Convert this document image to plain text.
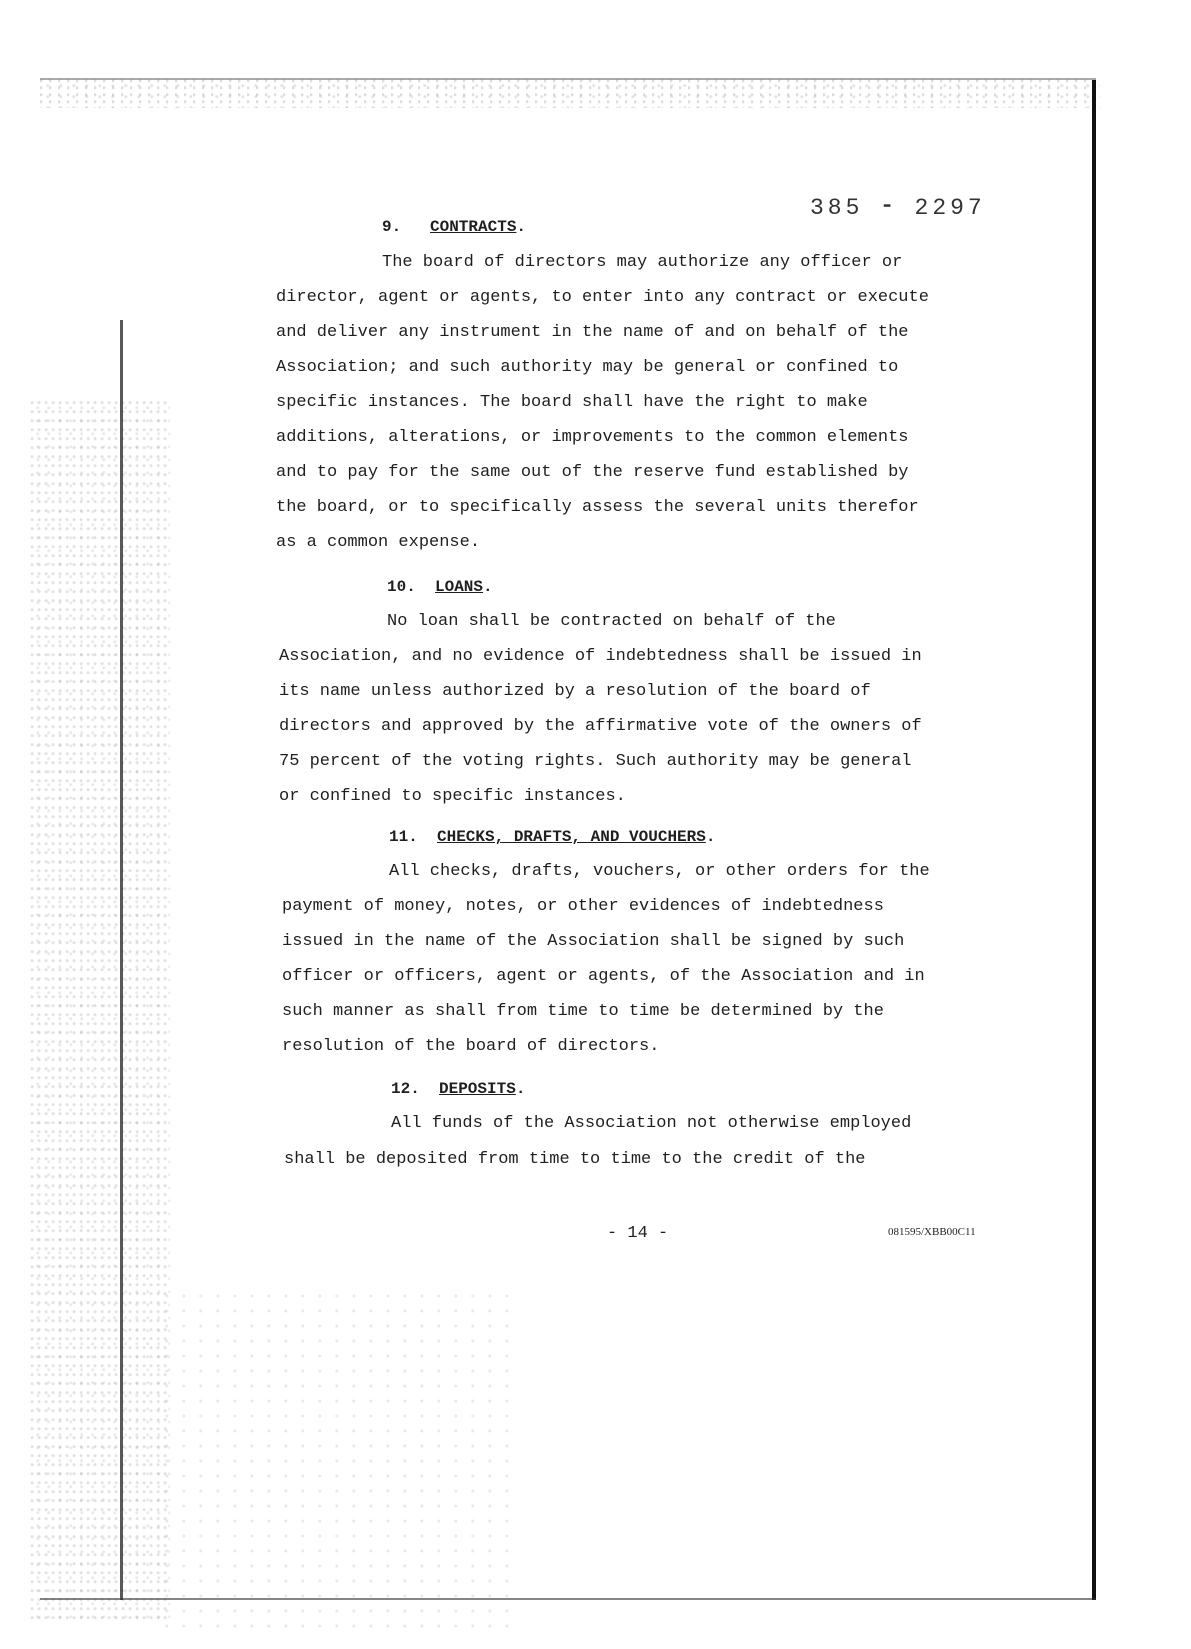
385 ⁃ 2297
9. CONTRACTS.
The board of directors may authorize any officer or
director, agent or agents, to enter into any contract or execute
and deliver any instrument in the name of and on behalf of the
Association; and such authority may be general or confined to
specific instances. The board shall have the right to make
additions, alterations, or improvements to the common elements
and to pay for the same out of the reserve fund established by
the board, or to specifically assess the several units therefor
as a common expense.
10. LOANS.
No loan shall be contracted on behalf of the
Association, and no evidence of indebtedness shall be issued in
its name unless authorized by a resolution of the board of
directors and approved by the affirmative vote of the owners of
75 percent of the voting rights. Such authority may be general
or confined to specific instances.
11. CHECKS, DRAFTS, AND VOUCHERS.
All checks, drafts, vouchers, or other orders for the
payment of money, notes, or other evidences of indebtedness
issued in the name of the Association shall be signed by such
officer or officers, agent or agents, of the Association and in
such manner as shall from time to time be determined by the
resolution of the board of directors.
12. DEPOSITS.
All funds of the Association not otherwise employed
shall be deposited from time to time to the credit of the
- 14 -	081595/XBB00C11
